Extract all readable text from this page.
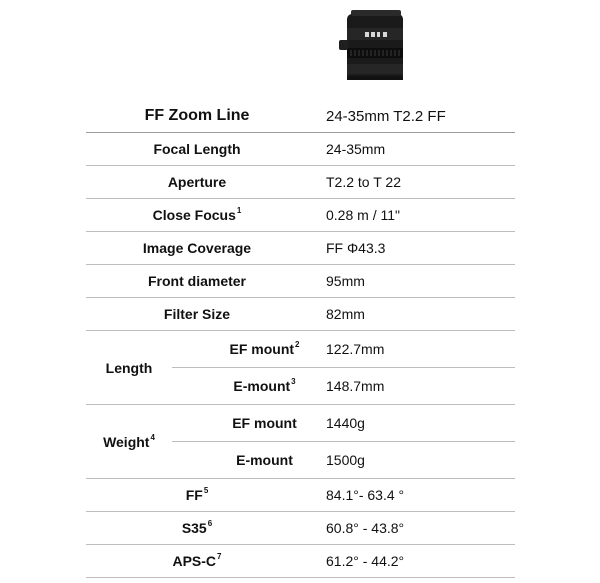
FF Zoom Line	24-35mm T2.2 FF
Focal Length	24-35mm
Aperture	T2.2 to T 22
Close Focus$^1$	0.28 m / 11"
Image Coverage	FF Φ43.3
Front diameter	95mm
Filter Size	82mm
Length
EF mount$^2$ 122.7mm
E-mount$^3$ 148.7mm
Weight$^4$
EF mount 1440g
E-mount 1500g
$FF^5$	84.1°- 63.4 °
$S35^6$	60.8° - 43.8°
APS-$C^7$	61.2° - 44.2°
